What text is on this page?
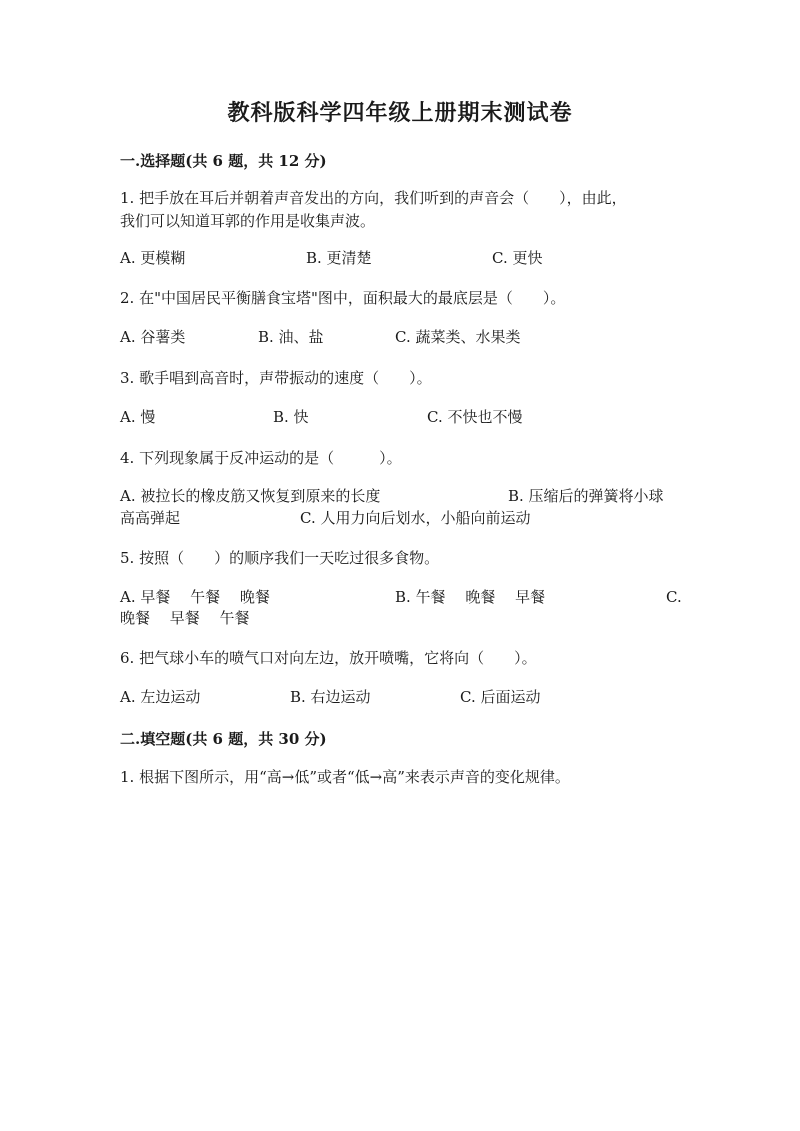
教科版科学四年级上册期末测试卷
一.选择题(共 6 题，共 12 分)
1. 把手放在耳后并朝着声音发出的方向，我们听到的声音会（　　），由此，
我们可以知道耳郭的作用是收集声波。
A. 更模糊	B. 更清楚	C. 更快
2. 在"中国居民平衡膳食宝塔"图中，面积最大的最底层是（　　）。
A. 谷薯类	B. 油、盐	C. 蔬菜类、水果类
3. 歌手唱到高音时，声带振动的速度（　　）。
A. 慢	B. 快	C. 不快也不慢
4. 下列现象属于反冲运动的是（　　　）。
A. 被拉长的橡皮筋又恢复到原来的长度	B. 压缩后的弹簧将小球
高高弹起	C. 人用力向后划水，小船向前运动
5. 按照（　　）的顺序我们一天吃过很多食物。
A. 早餐　 午餐　 晚餐	B. 午餐　 晚餐　 早餐	C.
晚餐　 早餐　 午餐
6. 把气球小车的喷气口对向左边，放开喷嘴，它将向（　　）。
A. 左边运动	B. 右边运动	C. 后面运动
二.填空题(共 6 题，共 30 分)
1. 根据下图所示，用“高→低”或者“低→高”来表示声音的变化规律。
